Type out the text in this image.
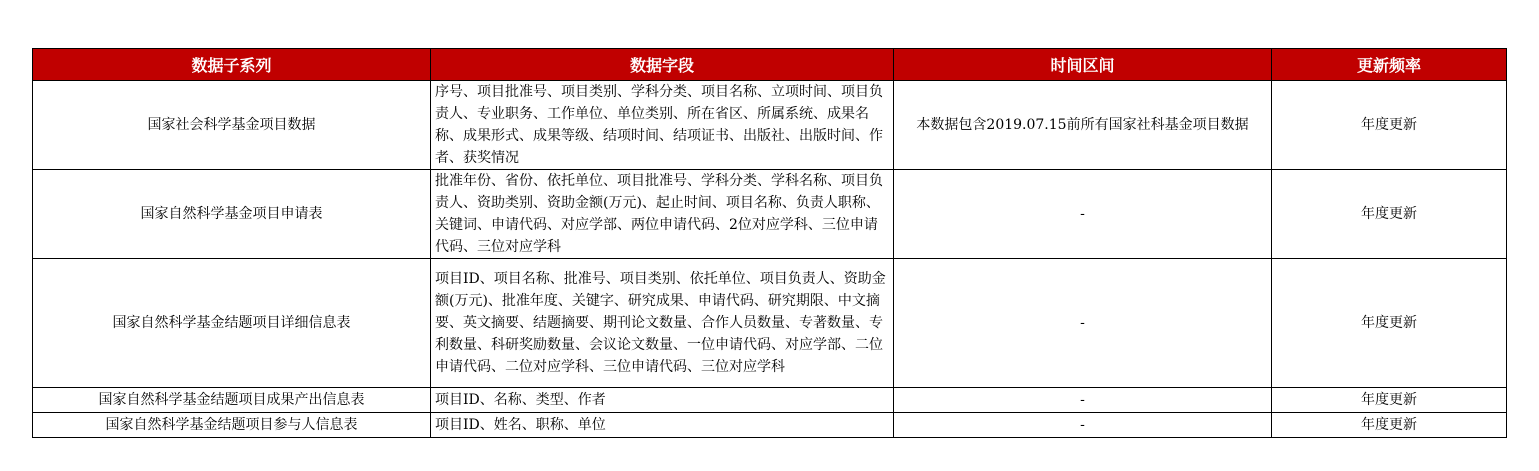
数据子系列	数据字段	时间区间	更新频率
国家社会科学基金项目数据	序号、项目批准号、项目类别、学科分类、项目名称、立项时间、项目负责人、专业职务、工作单位、单位类别、所在省区、所属系统、成果名称、成果形式、成果等级、结项时间、结项证书、出版社、出版时间、作者、获奖情况	本数据包含2019.07.15前所有国家社科基金项目数据	年度更新
国家自然科学基金项目申请表	批准年份、省份、依托单位、项目批准号、学科分类、学科名称、项目负责人、资助类别、资助金额(万元)、起止时间、项目名称、负责人职称、关键词、申请代码、对应学部、两位申请代码、2位对应学科、三位申请代码、三位对应学科	-	年度更新
国家自然科学基金结题项目详细信息表	项目ID、项目名称、批准号、项目类别、依托单位、项目负责人、资助金额(万元)、批准年度、关键字、研究成果、申请代码、研究期限、中文摘要、英文摘要、结题摘要、期刊论文数量、合作人员数量、专著数量、专利数量、科研奖励数量、会议论文数量、一位申请代码、对应学部、二位申请代码、二位对应学科、三位申请代码、三位对应学科	-	年度更新
国家自然科学基金结题项目成果产出信息表	项目ID、名称、类型、作者	-	年度更新
国家自然科学基金结题项目参与人信息表	项目ID、姓名、职称、单位	-	年度更新
